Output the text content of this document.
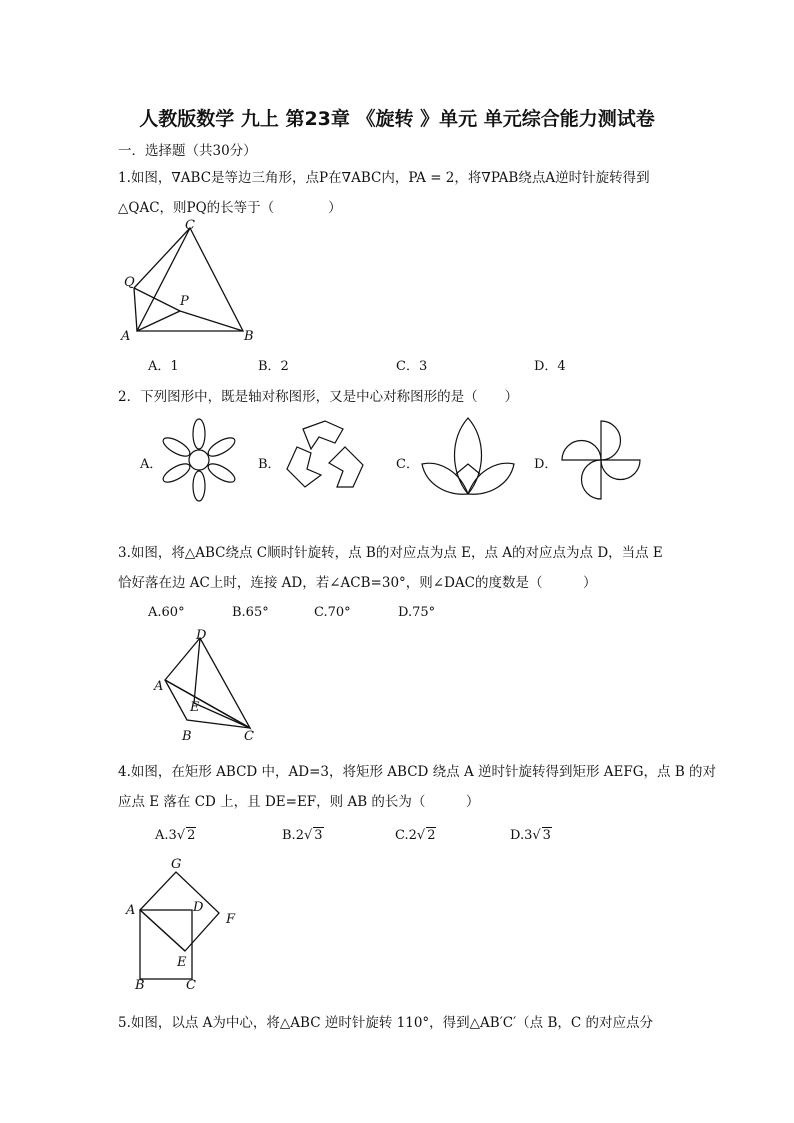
人教版数学 九上 第23章 《旋转 》单元 单元综合能力测试卷
一．选择题（共30分）
1.如图，∇ABC是等边三角形，点P在∇ABC内，PA = 2，将∇PAB绕点A逆时针旋转得到
△QAC，则PQ的长等于（　　　　）
C
Q
P
A	B
A．1	B．2	C．3	D．4
2．下列图形中，既是轴对称图形，又是中心对称图形的是（　　）
A．	B．	C．	D．
3.如图，将△ABC绕点 C顺时针旋转，点 B的对应点为点 E，点 A的对应点为点 D，当点 E
恰好落在边 AC上时，连接 AD，若∠ACB=30°，则∠DAC的度数是（　　　）
A.60°	B.65°	C.70°	D.75°
D
A
E
B	C
4.如图，在矩形 ABCD 中，AD=3，将矩形 ABCD 绕点 A 逆时针旋转得到矩形 AEFG，点 B 的对
应点 E 落在 CD 上，且 DE=EF，则 AB 的长为（　　　）
A.3√ 2	B.2√ 3	C.2√ 2	D.3√ 3
G
A	D
F
E
B	C
5.如图，以点 A为中心，将△ABC 逆时针旋转 110°，得到△AB′C′（点 B，C 的对应点分
